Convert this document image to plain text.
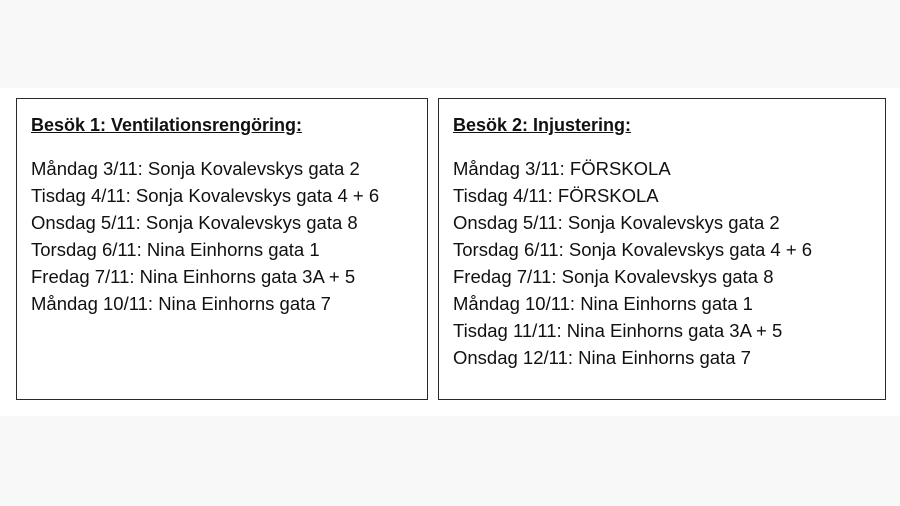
Besök 1: Ventilationsrengöring:
Måndag 3/11: Sonja Kovalevskys gata 2
Tisdag 4/11: Sonja Kovalevskys gata 4 + 6
Onsdag 5/11: Sonja Kovalevskys gata 8
Torsdag 6/11: Nina Einhorns gata 1
Fredag 7/11: Nina Einhorns gata 3A + 5
Måndag 10/11: Nina Einhorns gata 7
Besök 2: Injustering:
Måndag 3/11: FÖRSKOLA
Tisdag 4/11: FÖRSKOLA
Onsdag 5/11: Sonja Kovalevskys gata 2
Torsdag 6/11: Sonja Kovalevskys gata 4 + 6
Fredag 7/11: Sonja Kovalevskys gata 8
Måndag 10/11: Nina Einhorns gata 1
Tisdag 11/11: Nina Einhorns gata 3A + 5
Onsdag 12/11: Nina Einhorns gata 7
